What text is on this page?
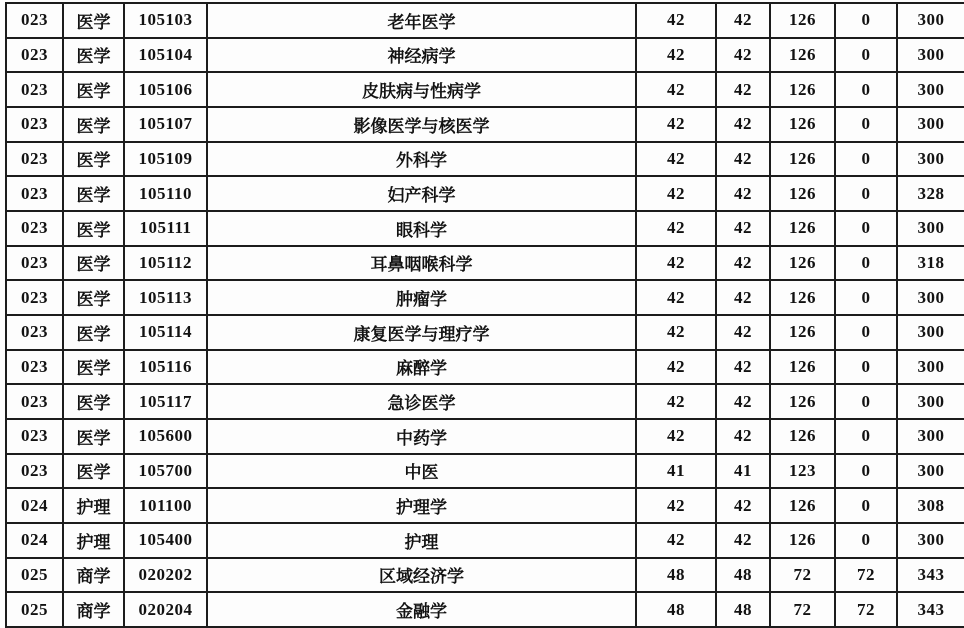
023	医学	105103	老年医学	42	42	126	0	300
023	医学	105104	神经病学	42	42	126	0	300
023	医学	105106	皮肤病与性病学	42	42	126	0	300
023	医学	105107	影像医学与核医学	42	42	126	0	300
023	医学	105109	外科学	42	42	126	0	300
023	医学	105110	妇产科学	42	42	126	0	328
023	医学	105111	眼科学	42	42	126	0	300
023	医学	105112	耳鼻咽喉科学	42	42	126	0	318
023	医学	105113	肿瘤学	42	42	126	0	300
023	医学	105114	康复医学与理疗学	42	42	126	0	300
023	医学	105116	麻醉学	42	42	126	0	300
023	医学	105117	急诊医学	42	42	126	0	300
023	医学	105600	中药学	42	42	126	0	300
023	医学	105700	中医	41	41	123	0	300
024	护理	101100	护理学	42	42	126	0	308
024	护理	105400	护理	42	42	126	0	300
025	商学	020202	区域经济学	48	48	72	72	343
025	商学	020204	金融学	48	48	72	72	343
